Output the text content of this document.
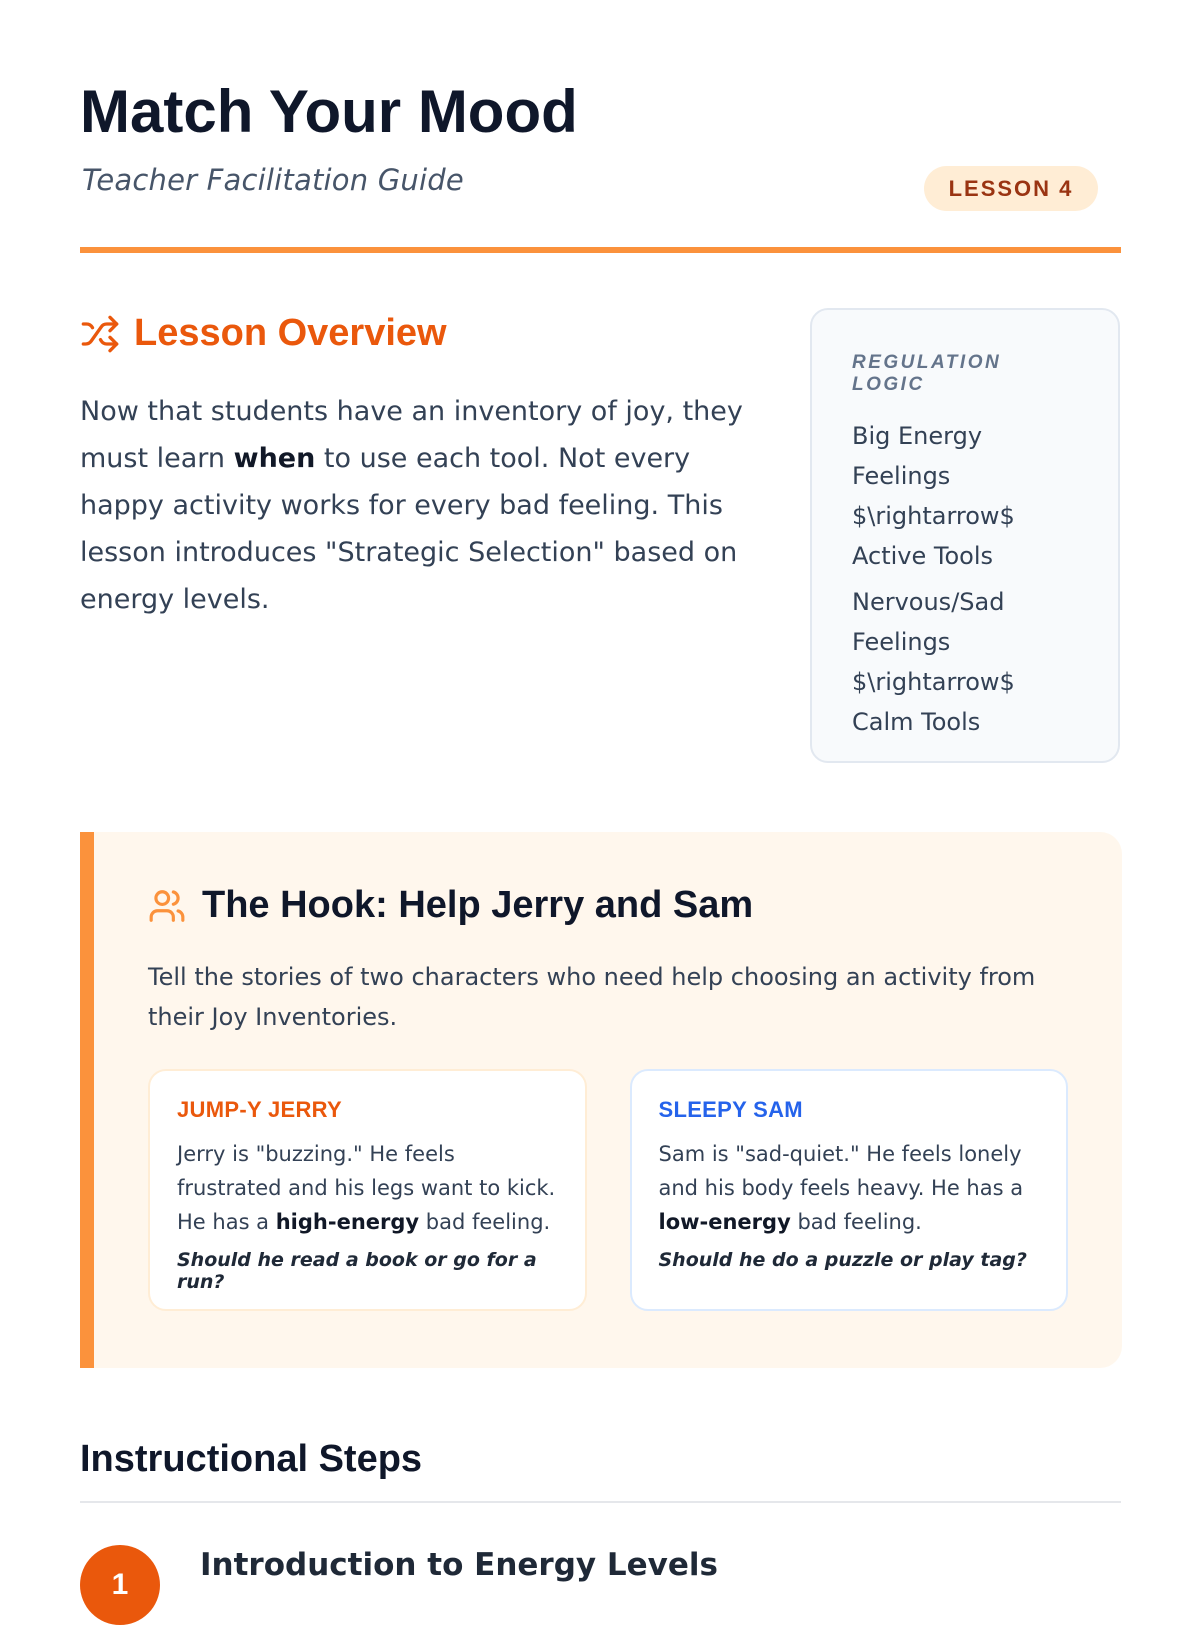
Match Your Mood
Teacher Facilitation Guide	LESSON 4
Lesson Overview

Now that students have an inventory of joy, they must learn when to use each tool. Not every happy activity works for every bad feeling. This lesson introduces "Strategic Selection" based on energy levels.

REGULATION LOGIC
Big Energy Feelings $\rightarrow$ Active Tools
Nervous/Sad Feelings $\rightarrow$ Calm Tools
The Hook: Help Jerry and Sam

Tell the stories of two characters who need help choosing an activity from their Joy Inventories.

JUMP-Y JERRY

Jerry is "buzzing." He feels frustrated and his legs want to kick. He has a high-energy bad feeling.

Should he read a book or go for a run?
SLEEPY SAM

Sam is "sad-quiet." He feels lonely and his body feels heavy. He has a low-energy bad feeling.

Should he do a puzzle or play tag?
Instructional Steps
1
Introduction to Energy Levels
